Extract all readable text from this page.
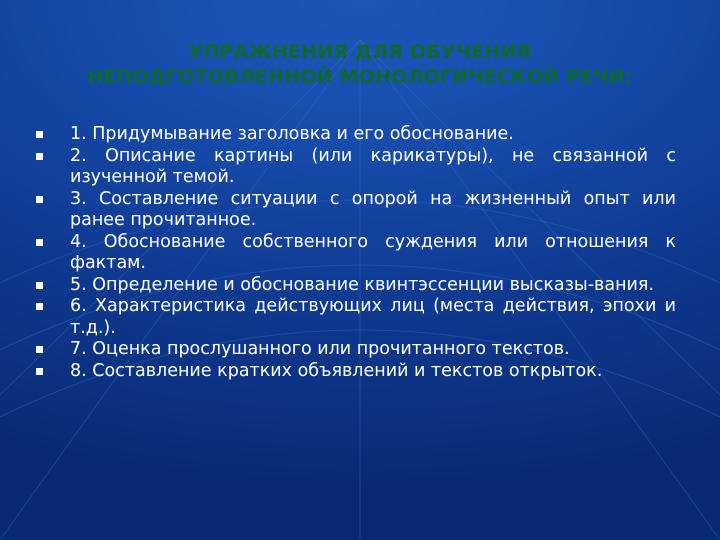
УПРАЖНЕНИЯ ДЛЯ ОБУЧЕНИЯ
НЕПОДГОТОВЛЕННОЙ МОНОЛОГИЧЕСКОЙ РЕЧИ:
1. Придумывание заголовка и его обоснование.
2. Описание картины (или карикатуры), не связанной с изученной темой.
3. Составление ситуации с опорой на жизненный опыт или ранее прочитанное.
4. Обоснование собственного суждения или отношения к фактам.
5. Определение и обоснование квинтэссенции высказы-вания.
6. Характеристика действующих лиц (места действия, эпохи и т.д.).
7. Оценка прослушанного или прочитанного текстов.
8. Составление кратких объявлений и текстов открыток.
